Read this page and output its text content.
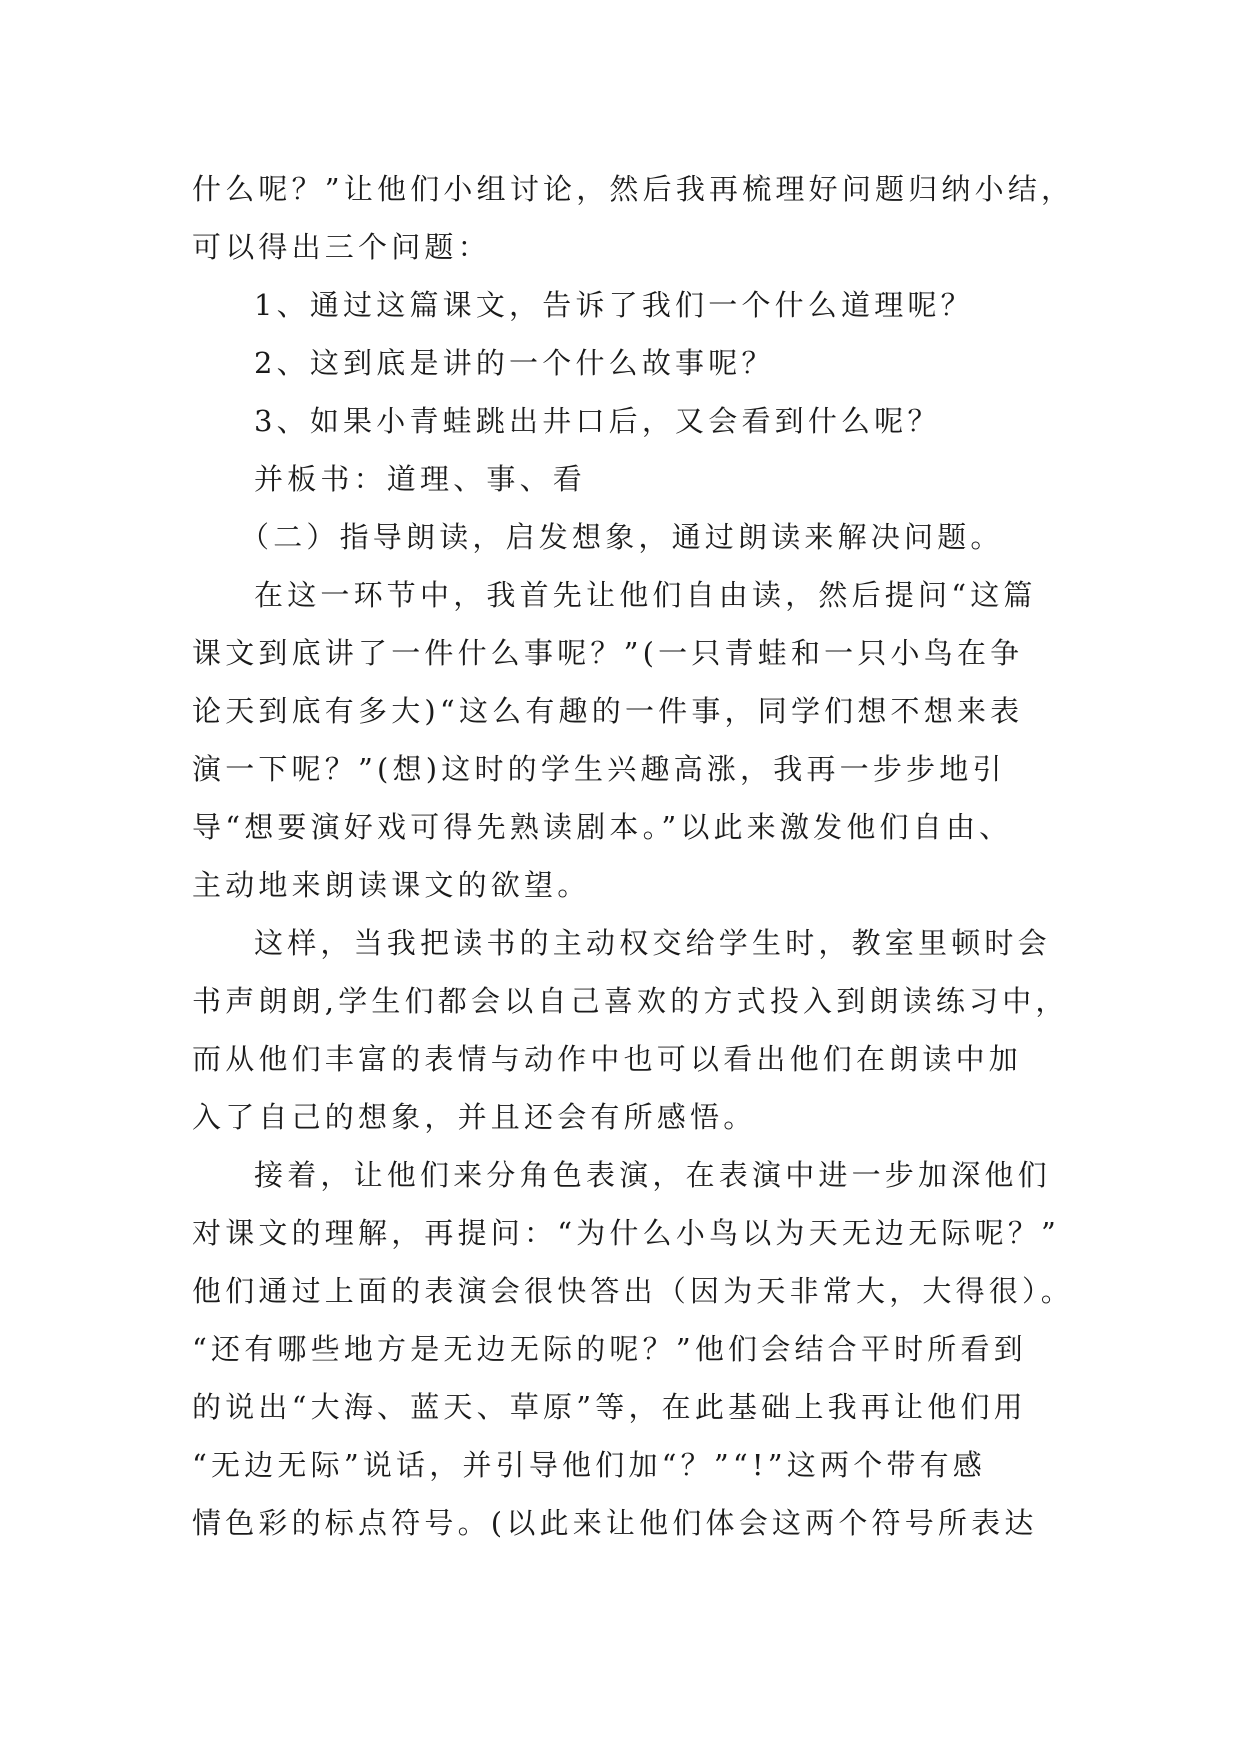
什么呢？”让他们小组讨论，然后我再梳理好问题归纳小结，
可以得出三个问题：
1、通过这篇课文，告诉了我们一个什么道理呢？
2、这到底是讲的一个什么故事呢？
3、如果小青蛙跳出井口后，又会看到什么呢？
并板书：道理、事、看
（二）指导朗读，启发想象，通过朗读来解决问题。
在这一环节中，我首先让他们自由读，然后提问“这篇
课文到底讲了一件什么事呢？”(一只青蛙和一只小鸟在争
论天到底有多大)“这么有趣的一件事，同学们想不想来表
演一下呢？”(想)这时的学生兴趣高涨，我再一步步地引
导“想要演好戏可得先熟读剧本。”以此来激发他们自由、
主动地来朗读课文的欲望。
这样，当我把读书的主动权交给学生时，教室里顿时会
书声朗朗,学生们都会以自己喜欢的方式投入到朗读练习中，
而从他们丰富的表情与动作中也可以看出他们在朗读中加
入了自己的想象，并且还会有所感悟。
接着，让他们来分角色表演，在表演中进一步加深他们
对课文的理解，再提问：“为什么小鸟以为天无边无际呢？”
他们通过上面的表演会很快答出（因为天非常大，大得很）。
“还有哪些地方是无边无际的呢？”他们会结合平时所看到
的说出“大海、蓝天、草原”等，在此基础上我再让他们用
“无边无际”说话，并引导他们加“？”“!”这两个带有感
情色彩的标点符号。(以此来让他们体会这两个符号所表达
